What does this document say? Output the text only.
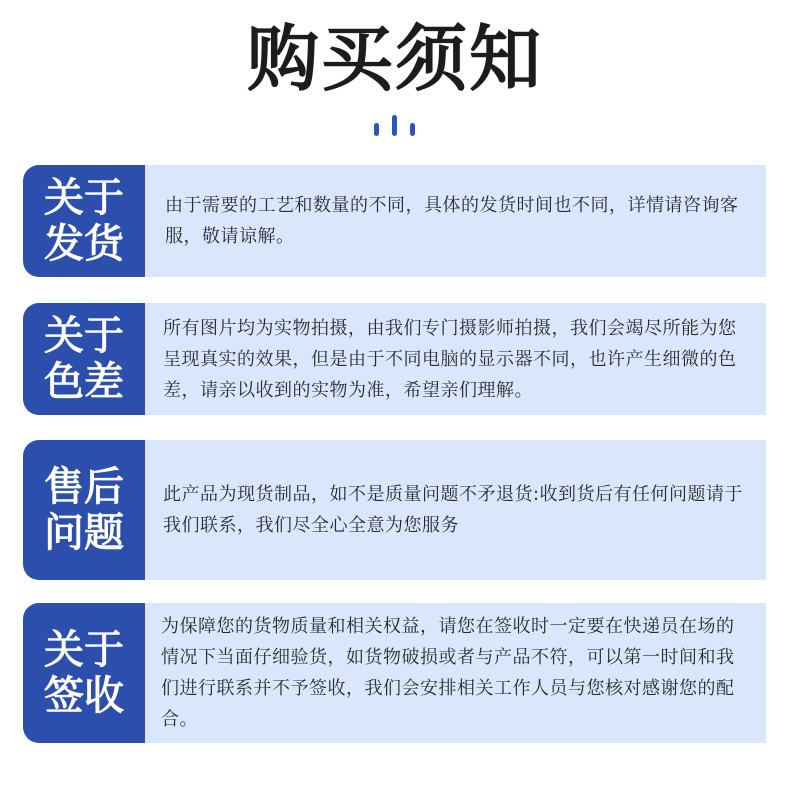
购买须知
关于发货
由于需要的工艺和数量的不同，具体的发货时间也不同，详情请咨询客服，敬请谅解。
关于色差
所有图片均为实物拍摄，由我们专门摄影师拍摄，我们会竭尽所能为您呈现真实的效果，但是由于不同电脑的显示器不同，也许产生细微的色差，请亲以收到的实物为准，希望亲们理解。
售后问题
此产品为现货制品，如不是质量问题不矛退货:收到货后有任何问题请于我们联系，我们尽全心全意为您服务
关于签收
为保障您的货物质量和相关权益，请您在签收时一定要在快递员在场的情况下当面仔细验货，如货物破损或者与产品不符，可以第一时间和我们进行联系并不予签收，我们会安排相关工作人员与您核对感谢您的配合。
